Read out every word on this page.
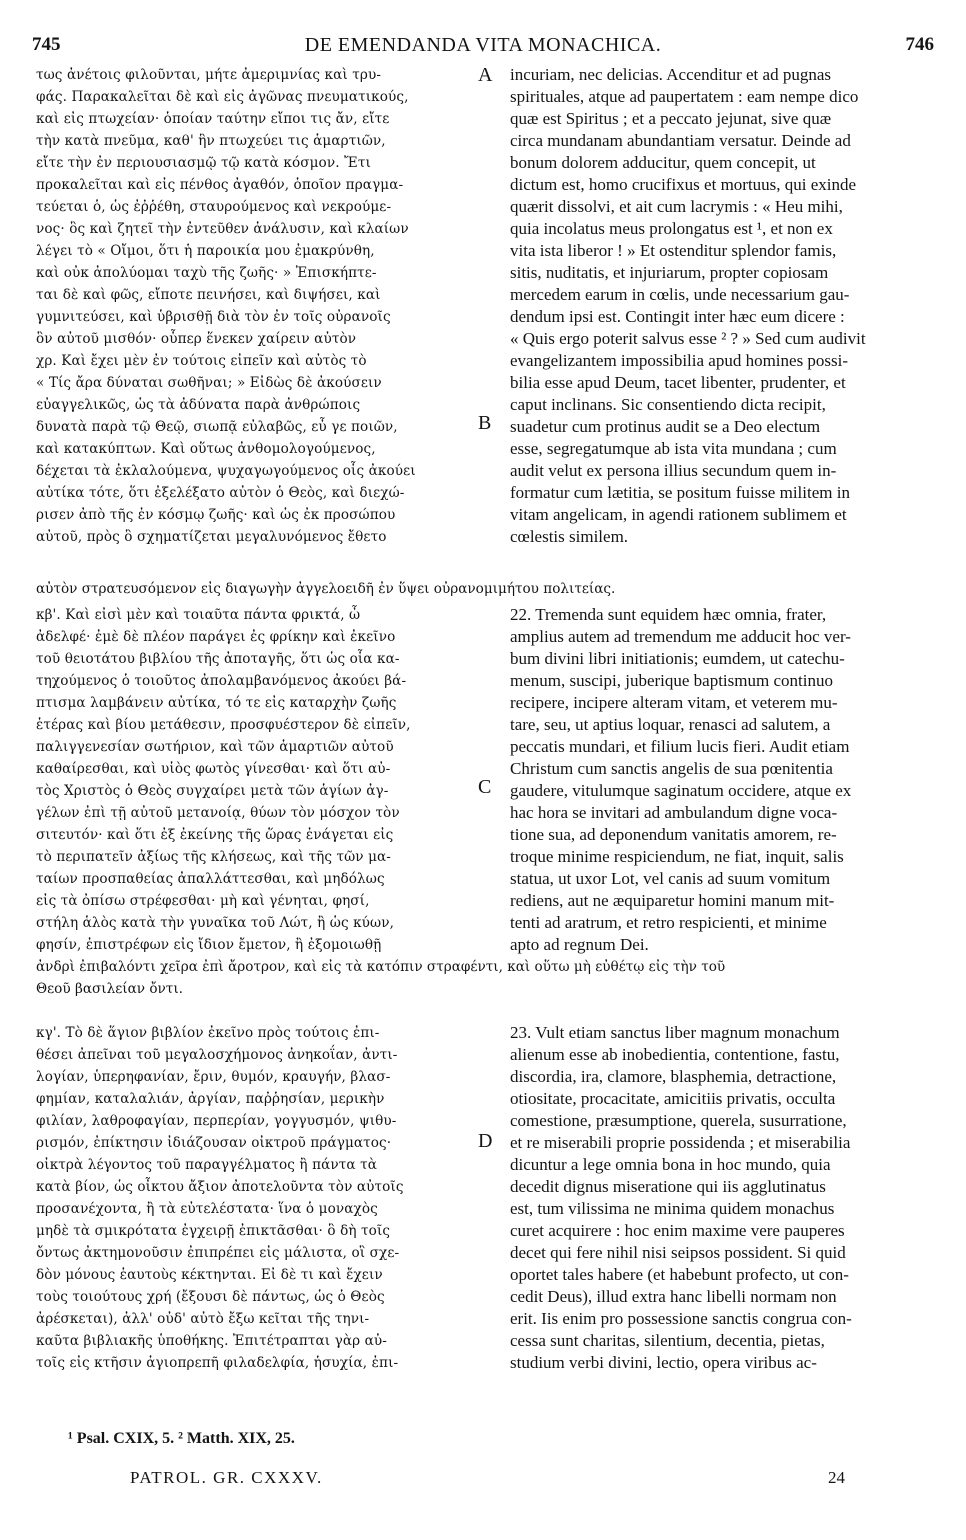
745	DE EMENDANDA VITA MONACHICA.	746
τως ἀνέτοις φιλοῦνται, μήτε ἀμεριμνίας καὶ τρυ-
φάς. Παρακαλεῖται δὲ καὶ εἰς ἀγῶνας πνευματικούς,
καὶ εἰς πτωχείαν· ὁποίαν ταύτην εἴποι τις ἄν, εἴτε
τὴν κατὰ πνεῦμα, καθ' ἣν πτωχεύει τις ἁμαρτιῶν,
εἴτε τὴν ἐν περιουσιασμῷ τῷ κατὰ κόσμον. Ἔτι
προκαλεῖται καὶ εἰς πένθος ἀγαθόν, ὁποῖον πραγμα-
τεύεται ὁ, ὡς ἐῤῥέθη, σταυρούμενος καὶ νεκρούμε-
νος· ὃς καὶ ζητεῖ τὴν ἐντεῦθεν ἀνάλυσιν, καὶ κλαίων
λέγει τὸ « Οἴμοι, ὅτι ἡ παροικία μου ἐμακρύνθη,
καὶ οὐκ ἀπολύομαι ταχὺ τῆς ζωῆς· » Ἐπισκήπτε-
ται δὲ καὶ φῶς, εἴποτε πεινήσει, καὶ διψήσει, καὶ
γυμνιτεύσει, καὶ ὑβρισθῇ διὰ τὸν ἐν τοῖς οὐρανοῖς
ὃν αὐτοῦ μισθόν· οὗπερ ἕνεκεν χαίρειν αὐτὸν
χρ. Καὶ ἔχει μὲν ἐν τούτοις εἰπεῖν καὶ αὐτὸς τὸ
« Τίς ἄρα δύναται σωθῆναι; » Εἰδὼς δὲ ἀκούσειν
εὐαγγελικῶς, ὡς τὰ ἀδύνατα παρὰ ἀνθρώποις
δυνατὰ παρὰ τῷ Θεῷ, σιωπᾷ εὐλαβῶς, εὖ γε ποιῶν,
καὶ κατακύπτων. Καὶ οὕτως ἀνθομολογούμενος,
δέχεται τὰ ἐκλαλούμενα, ψυχαγωγούμενος οἷς ἀκούει
αὐτίκα τότε, ὅτι ἐξελέξατο αὐτὸν ὁ Θεὸς, καὶ διεχώ-
ρισεν ἀπὸ τῆς ἐν κόσμῳ ζωῆς· καὶ ὡς ἐκ προσώπου
αὐτοῦ, πρὸς ὃ σχηματίζεται μεγαλυνόμενος ἔθετο
incuriam, nec delicias. Accenditur et ad pugnas
spirituales, atque ad paupertatem : eam nempe dico
quæ est Spiritus ; et a peccato jejunat, sive quæ
circa mundanam abundantiam versatur. Deinde ad
bonum dolorem adducitur, quem concepit, ut
dictum est, homo crucifixus et mortuus, qui exinde
quærit dissolvi, et ait cum lacrymis : « Heu mihi,
quia incolatus meus prolongatus est ¹, et non ex
vita ista liberor ! » Et ostenditur splendor famis,
sitis, nuditatis, et injuriarum, propter copiosam
mercedem earum in cœlis, unde necessarium gau-
dendum ipsi est. Contingit inter hæc eum dicere :
« Quis ergo poterit salvus esse ² ? » Sed cum audivit
evangelizantem impossibilia apud homines possi-
bilia esse apud Deum, tacet libenter, prudenter, et
caput inclinans. Sic consentiendo dicta recipit,
suadetur cum protinus audit se a Deo electum
esse, segregatumque ab ista vita mundana ; cum
audit velut ex persona illius secundum quem in-
formatur cum lætitia, se positum fuisse militem in
vitam angelicam, in agendi rationem sublimem et
cœlestis similem.
αὐτὸν στρατευσόμενον εἰς διαγωγὴν ἀγγελοειδῆ ἐν ὕψει οὐρανομιμήτου πολιτείας.
κβ'. Καὶ εἰσὶ μὲν καὶ τοιαῦτα πάντα φρικτά, ὦ
ἀδελφέ· ἐμὲ δὲ πλέον παράγει ἐς φρίκην καὶ ἐκεῖνο
τοῦ θειοτάτου βιβλίου τῆς ἀποταγῆς, ὅτι ὡς οἷα κα-
τηχούμενος ὁ τοιοῦτος ἀπολαμβανόμενος ἀκούει βά-
πτισμα λαμβάνειν αὐτίκα, τό τε εἰς καταρχὴν ζωῆς
ἑτέρας καὶ βίου μετάθεσιν, προσφυέστερον δὲ εἰπεῖν,
παλιγγενεσίαν σωτήριον, καὶ τῶν ἁμαρτιῶν αὐτοῦ
καθαίρεσθαι, καὶ υἱὸς φωτὸς γίνεσθαι· καὶ ὅτι αὐ-
τὸς Χριστὸς ὁ Θεὸς συγχαίρει μετὰ τῶν ἁγίων ἀγ-
γέλων ἐπὶ τῇ αὐτοῦ μετανοίᾳ, θύων τὸν μόσχον τὸν
σιτευτόν· καὶ ὅτι ἐξ ἐκείνης τῆς ὥρας ἐνάγεται εἰς
τὸ περιπατεῖν ἀξίως τῆς κλήσεως, καὶ τῆς τῶν μα-
ταίων προσπαθείας ἀπαλλάττεσθαι, καὶ μηδόλως
εἰς τὰ ὀπίσω στρέφεσθαι· μὴ καὶ γένηται, φησί,
στήλη ἁλὸς κατὰ τὴν γυναῖκα τοῦ Λώτ, ἢ ὡς κύων,
φησίν, ἐπιστρέφων εἰς ἴδιον ἔμετον, ἢ ἐξομοιωθῇ
22. Tremenda sunt equidem hæc omnia, frater,
amplius autem ad tremendum me adducit hoc ver-
bum divini libri initiationis; eumdem, ut catechu-
menum, suscipi, juberique baptismum continuo
recipere, incipere alteram vitam, et veterem mu-
tare, seu, ut aptius loquar, renasci ad salutem, a
peccatis mundari, et filium lucis fieri. Audit etiam
Christum cum sanctis angelis de sua pœnitentia
gaudere, vitulumque saginatum occidere, atque ex
hac hora se invitari ad ambulandum digne voca-
tione sua, ad deponendum vanitatis amorem, re-
troque minime respiciendum, ne fiat, inquit, salis
statua, ut uxor Lot, vel canis ad suum vomitum
rediens, aut ne æquiparetur homini manum mit-
tenti ad aratrum, et retro respicienti, et minime
apto ad regnum Dei.
ἀνδρὶ ἐπιβαλόντι χεῖρα ἐπὶ ἄροτρον, καὶ εἰς τὰ κατόπιν στραφέντι, καὶ οὕτω μὴ εὐθέτῳ εἰς τὴν τοῦ
Θεοῦ βασιλείαν ὄντι.
κγ'. Τὸ δὲ ἅγιον βιβλίον ἐκεῖνο πρὸς τούτοις ἐπι-
θέσει ἀπεῖναι τοῦ μεγαλοσχήμονος ἀνηκοΐαν, ἀντι-
λογίαν, ὑπερηφανίαν, ἔριν, θυμόν, κραυγήν, βλασ-
φημίαν, καταλαλιάν, ἀργίαν, παῤῥησίαν, μερικὴν
φιλίαν, λαθροφαγίαν, περπερίαν, γογγυσμόν, ψιθυ-
ρισμόν, ἐπίκτησιν ἰδιάζουσαν οἰκτροῦ πράγματος·
οἰκτρὰ λέγοντος τοῦ παραγγέλματος ἢ πάντα τὰ
κατὰ βίον, ὡς οἶκτου ἄξιον ἀποτελοῦντα τὸν αὐτοῖς
προσανέχοντα, ἢ τὰ εὐτελέστατα· ἵνα ὁ μοναχὸς
μηδὲ τὰ σμικρότατα ἐγχειρῇ ἐπικτᾶσθαι· ὃ δὴ τοῖς
ὄντως ἀκτημονοῦσιν ἐπιπρέπει εἰς μάλιστα, οἳ σχε-
δὸν μόνους ἑαυτοὺς κέκτηνται. Εἰ δὲ τι καὶ ἔχειν
τοὺς τοιούτους χρή (ἔξουσι δὲ πάντως, ὡς ὁ Θεὸς
ἀρέσκεται), ἀλλ' οὐδ' αὐτὸ ἔξω κεῖται τῆς τηνι-
καῦτα βιβλιακῆς ὑποθήκης. Ἐπιτέτραπται γὰρ αὐ-
τοῖς εἰς κτῆσιν ἁγιοπρεπῆ φιλαδελφία, ἡσυχία, ἐπι-
23. Vult etiam sanctus liber magnum monachum
alienum esse ab inobedientia, contentione, fastu,
discordia, ira, clamore, blasphemia, detractione,
otiositate, procacitate, amicitiis privatis, occulta
comestione, præsumptione, querela, susurratione,
et re miserabili proprie possidenda ; et miserabilia
dicuntur a lege omnia bona in hoc mundo, quia
decedit dignus miseratione qui iis agglutinatus
est, tum vilissima ne minima quidem monachus
curet acquirere : hoc enim maxime vere pauperes
decet qui fere nihil nisi seipsos possident. Si quid
oportet tales habere (et habebunt profecto, ut con-
cedit Deus), illud extra hanc libelli normam non
erit. Iis enim pro possessione sanctis congrua con-
cessa sunt charitas, silentium, decentia, pietas,
studium verbi divini, lectio, opera viribus ac-
A
B
C
D
¹ Psal. CXIX, 5. ² Matth. XIX, 25.
PATROL. GR. CXXXV.	24
